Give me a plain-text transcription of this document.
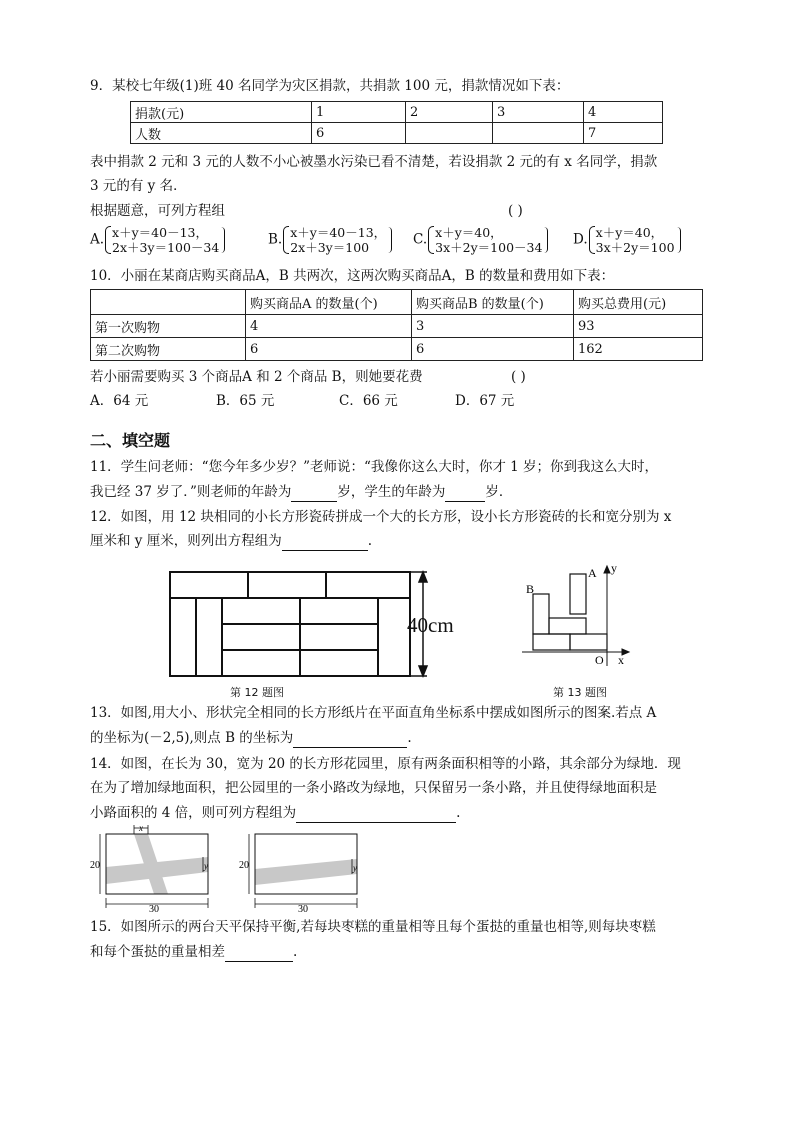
9．某校七年级(1)班 40 名同学为灾区捐款，共捐款 100 元，捐款情况如下表：
捐款(元)	1	2	3	4
人数	6			7
表中捐款 2 元和 3 元的人数不小心被墨水污染已看不清楚，若设捐款 2 元的有 x 名同学，捐款
3 元的有 y 名．
根据题意，可列方程组	( )
A. x＋y＝40－13，
2x＋3y＝100－34	B. x＋y＝40－13，
2x＋3y＝100	C. x＋y＝40，
3x＋2y＝100－34	D. x＋y＝40，
3x＋2y＝100
10．小丽在某商店购买商品A，B 共两次，这两次购买商品A，B 的数量和费用如下表：
	购买商品A 的数量(个)	购买商品B 的数量(个)	购买总费用(元)
第一次购物	4	3	93
第二次购物	6	6	162
若小丽需要购买 3 个商品A 和 2 个商品 B，则她要花费	( )
A．64 元	B．65 元	C．66 元	D．67 元
二、填空题
11．学生问老师：“您今年多少岁？”老师说：“我像你这么大时，你才 1 岁；你到我这么大时，
我已经 37 岁了．”则老师的年龄为	岁，学生的年龄为	岁．
12．如图，用 12 块相同的小长方形瓷砖拼成一个大的长方形，设小长方形瓷砖的长和宽分别为 x
厘米和 y 厘米，则列出方程组为	.
40cm
第 12 题图
A
B
O x
y
第 13 题图
13．如图,用大小、形状完全相同的长方形纸片在平面直角坐标系中摆成如图所示的图案.若点 A
的坐标为(－2,5),则点 B 的坐标为	.
14．如图，在长为 30，宽为 20 的长方形花园里，原有两条面积相等的小路，其余部分为绿地．现
在为了增加绿地面积，把公园里的一条小路改为绿地，只保留另一条小路，并且使得绿地面积是
小路面积的 4 倍，则可列方程组为	.
x
20
30
y	20
30
y
15．如图所示的两台天平保持平衡,若每块枣糕的重量相等且每个蛋挞的重量也相等,则每块枣糕
和每个蛋挞的重量相差	.
